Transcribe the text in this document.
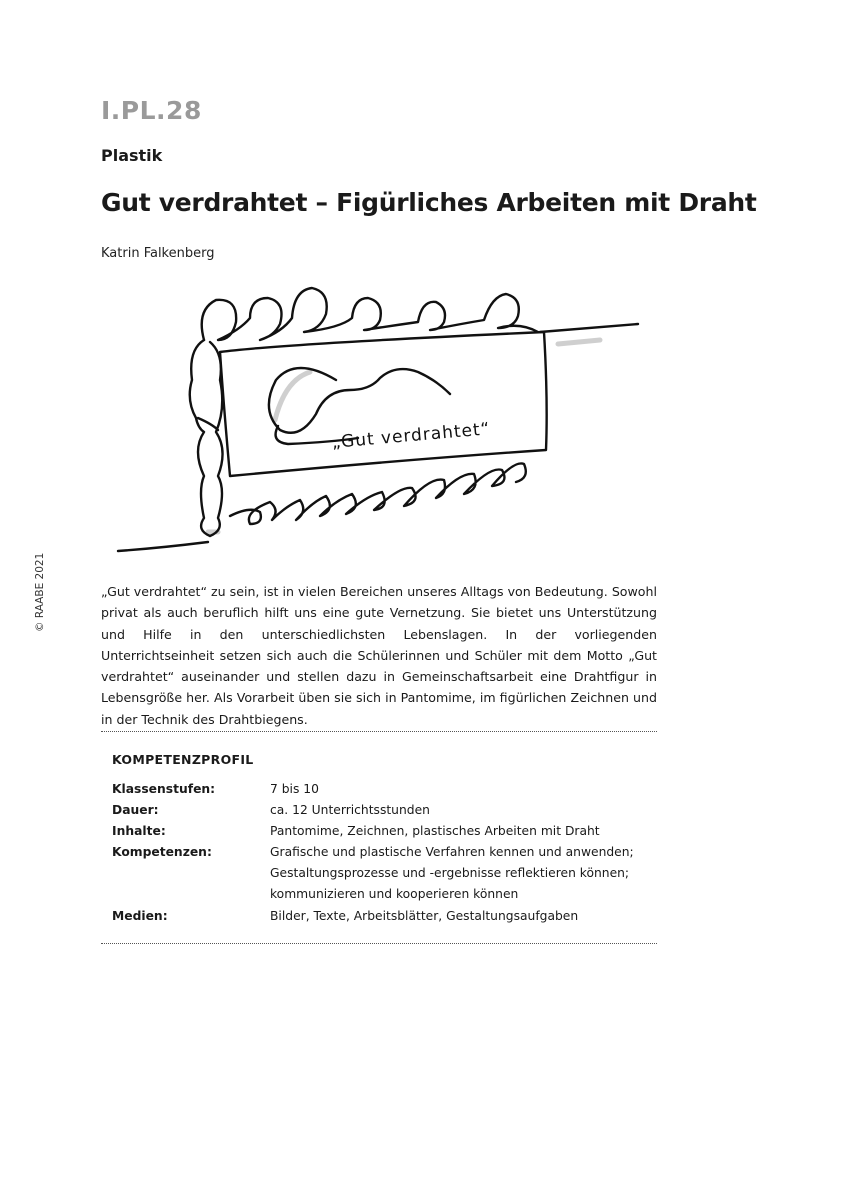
I.PL.28
Plastik
Gut verdrahtet – Figürliches Arbeiten mit Draht
Katrin Falkenberg
© RAABE 2021
„Gut verdrahtet“

„Gut verdrahtet“ zu sein, ist in vielen Bereichen unseres Alltags von Bedeutung. Sowohl privat als auch beruflich hilft uns eine gute Vernetzung. Sie bietet uns Unterstützung und Hilfe in den unterschiedlichsten Lebenslagen. In der vorliegenden Unterrichtseinheit setzen sich auch die Schülerinnen und Schüler mit dem Motto „Gut verdrahtet“ auseinander und stellen dazu in Gemeinschaftsarbeit eine Drahtfigur in Lebensgröße her. Als Vorarbeit üben sie sich in Pantomime, im figürlichen Zeichnen und in der Technik des Drahtbiegens.

KOMPETENZPROFIL
Klassenstufen:	7 bis 10

Dauer:	ca. 12 Unterrichtsstunden

Inhalte:	Pantomime, Zeichnen, plastisches Arbeiten mit Draht

Kompetenzen:	Grafische und plastische Verfahren kennen und anwenden;
Gestaltungsprozesse und -ergebnisse reflektieren können;
kommunizieren und kooperieren können

Medien:	Bilder, Texte, Arbeitsblätter, Gestaltungsaufgaben
